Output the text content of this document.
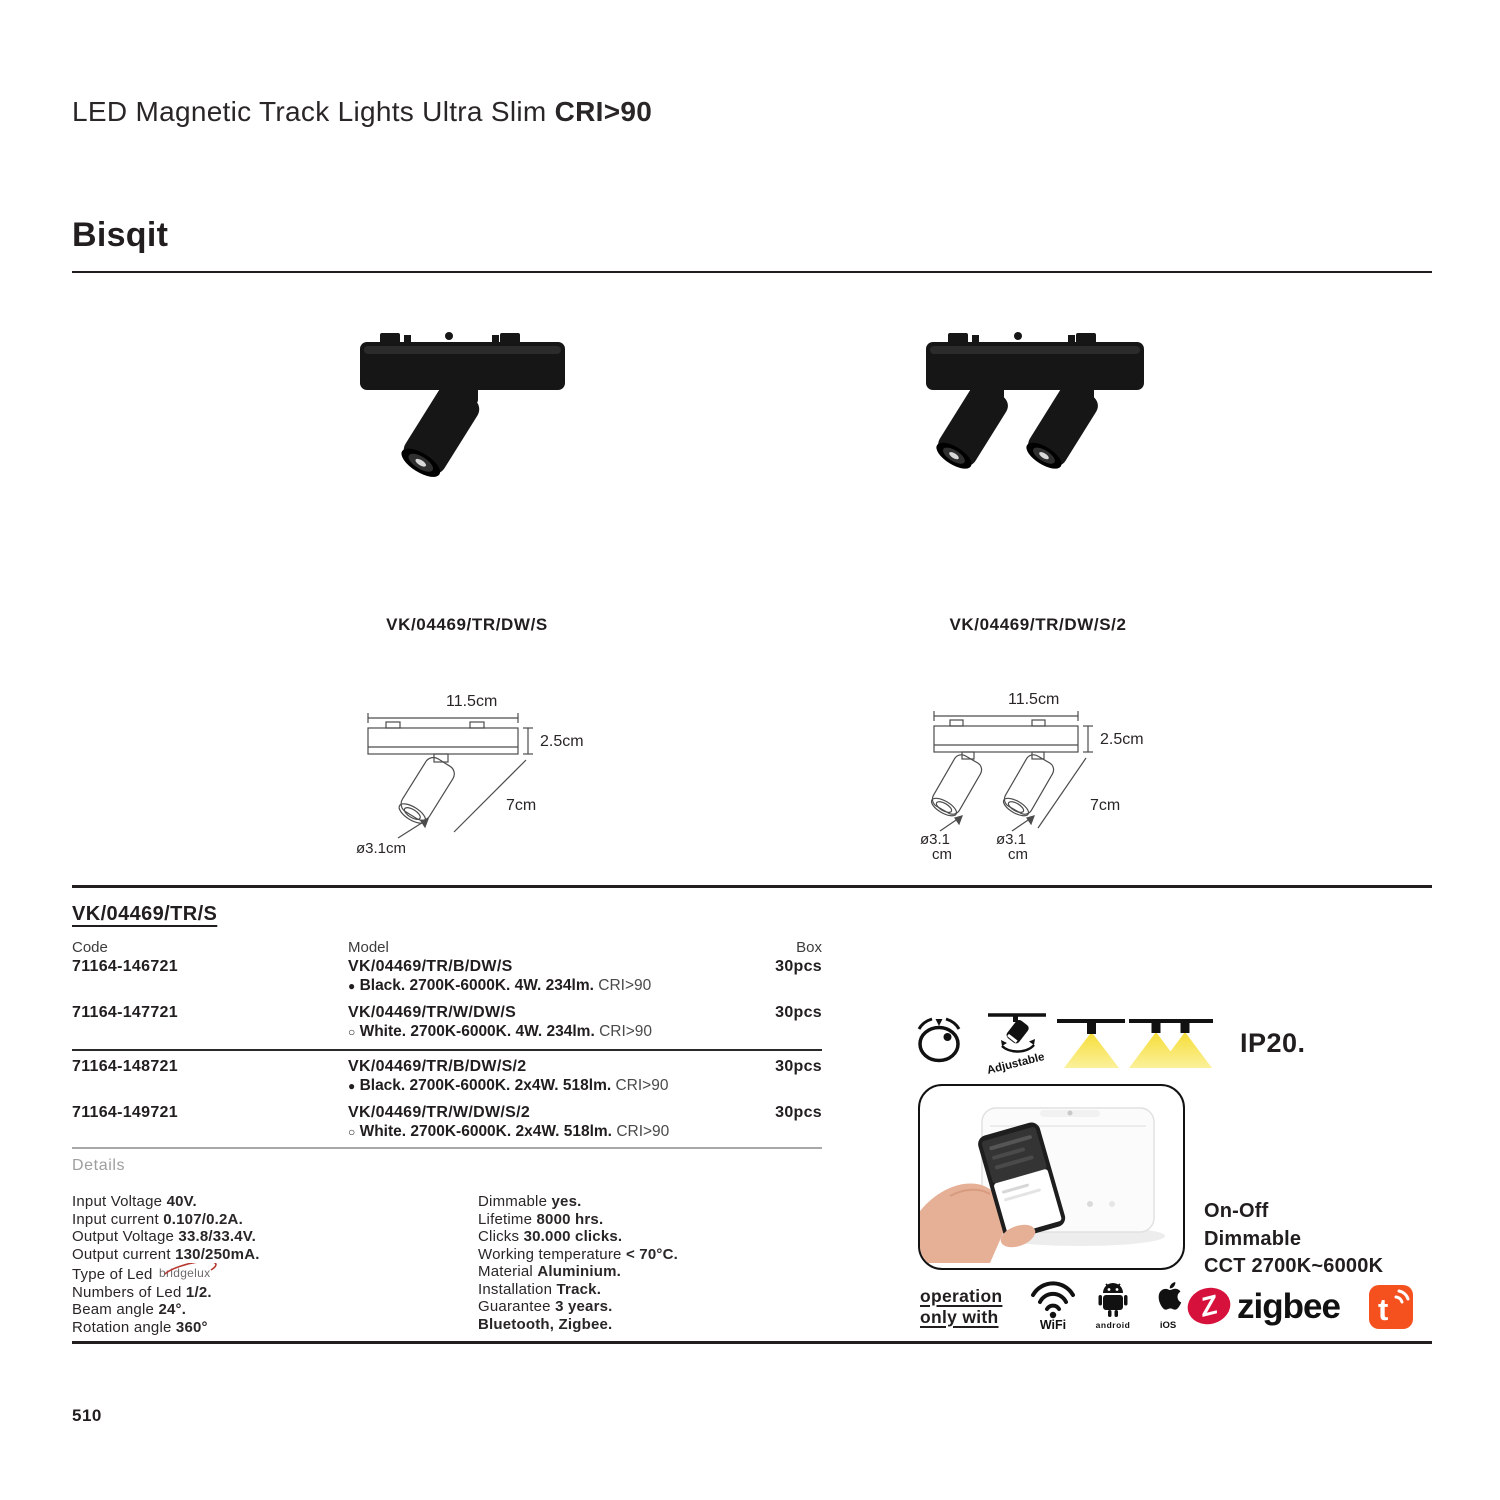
LED Magnetic Track Lights Ultra Slim CRI>90
Bisqit
VK/04469/TR/DW/S	VK/04469/TR/DW/S/2
11.5cm
2.5cm
7cm
ø3.1cm
11.5cm
2.5cm
7cm
ø3.1
cm
ø3.1
cm
VK/04469/TR/S
Code	Model	Box
71164-146721	VK/04469/TR/B/DW/S	30pcs
● Black. 2700K-6000K. 4W. 234lm. CRI>90
71164-147721	VK/04469/TR/W/DW/S	30pcs
○ White. 2700K-6000K. 4W. 234lm. CRI>90
71164-148721	VK/04469/TR/B/DW/S/2	30pcs
● Black. 2700K-6000K. 2x4W. 518lm. CRI>90
71164-149721	VK/04469/TR/W/DW/S/2	30pcs
○ White. 2700K-6000K. 2x4W. 518lm. CRI>90
Details
Input Voltage 40V.
Input current 0.107/0.2A.
Output Voltage 33.8/33.4V.
Output current 130/250mA.
Type of Led bridgelux
Numbers of Led 1/2.
Beam angle 24°.
Rotation angle 360°
Dimmable yes.
Lifetime 8000 hrs.
Clicks 30.000 clicks.
Working temperature < 70°C.
Material Aluminium.
Installation Track.
Guarantee 3 years.
Bluetooth, Zigbee.
Adjustable
IP20.
On-Off
Dimmable
CCT 2700K~6000K
operation
only with	WiFi	android	iOS
Z zigbee t
510
